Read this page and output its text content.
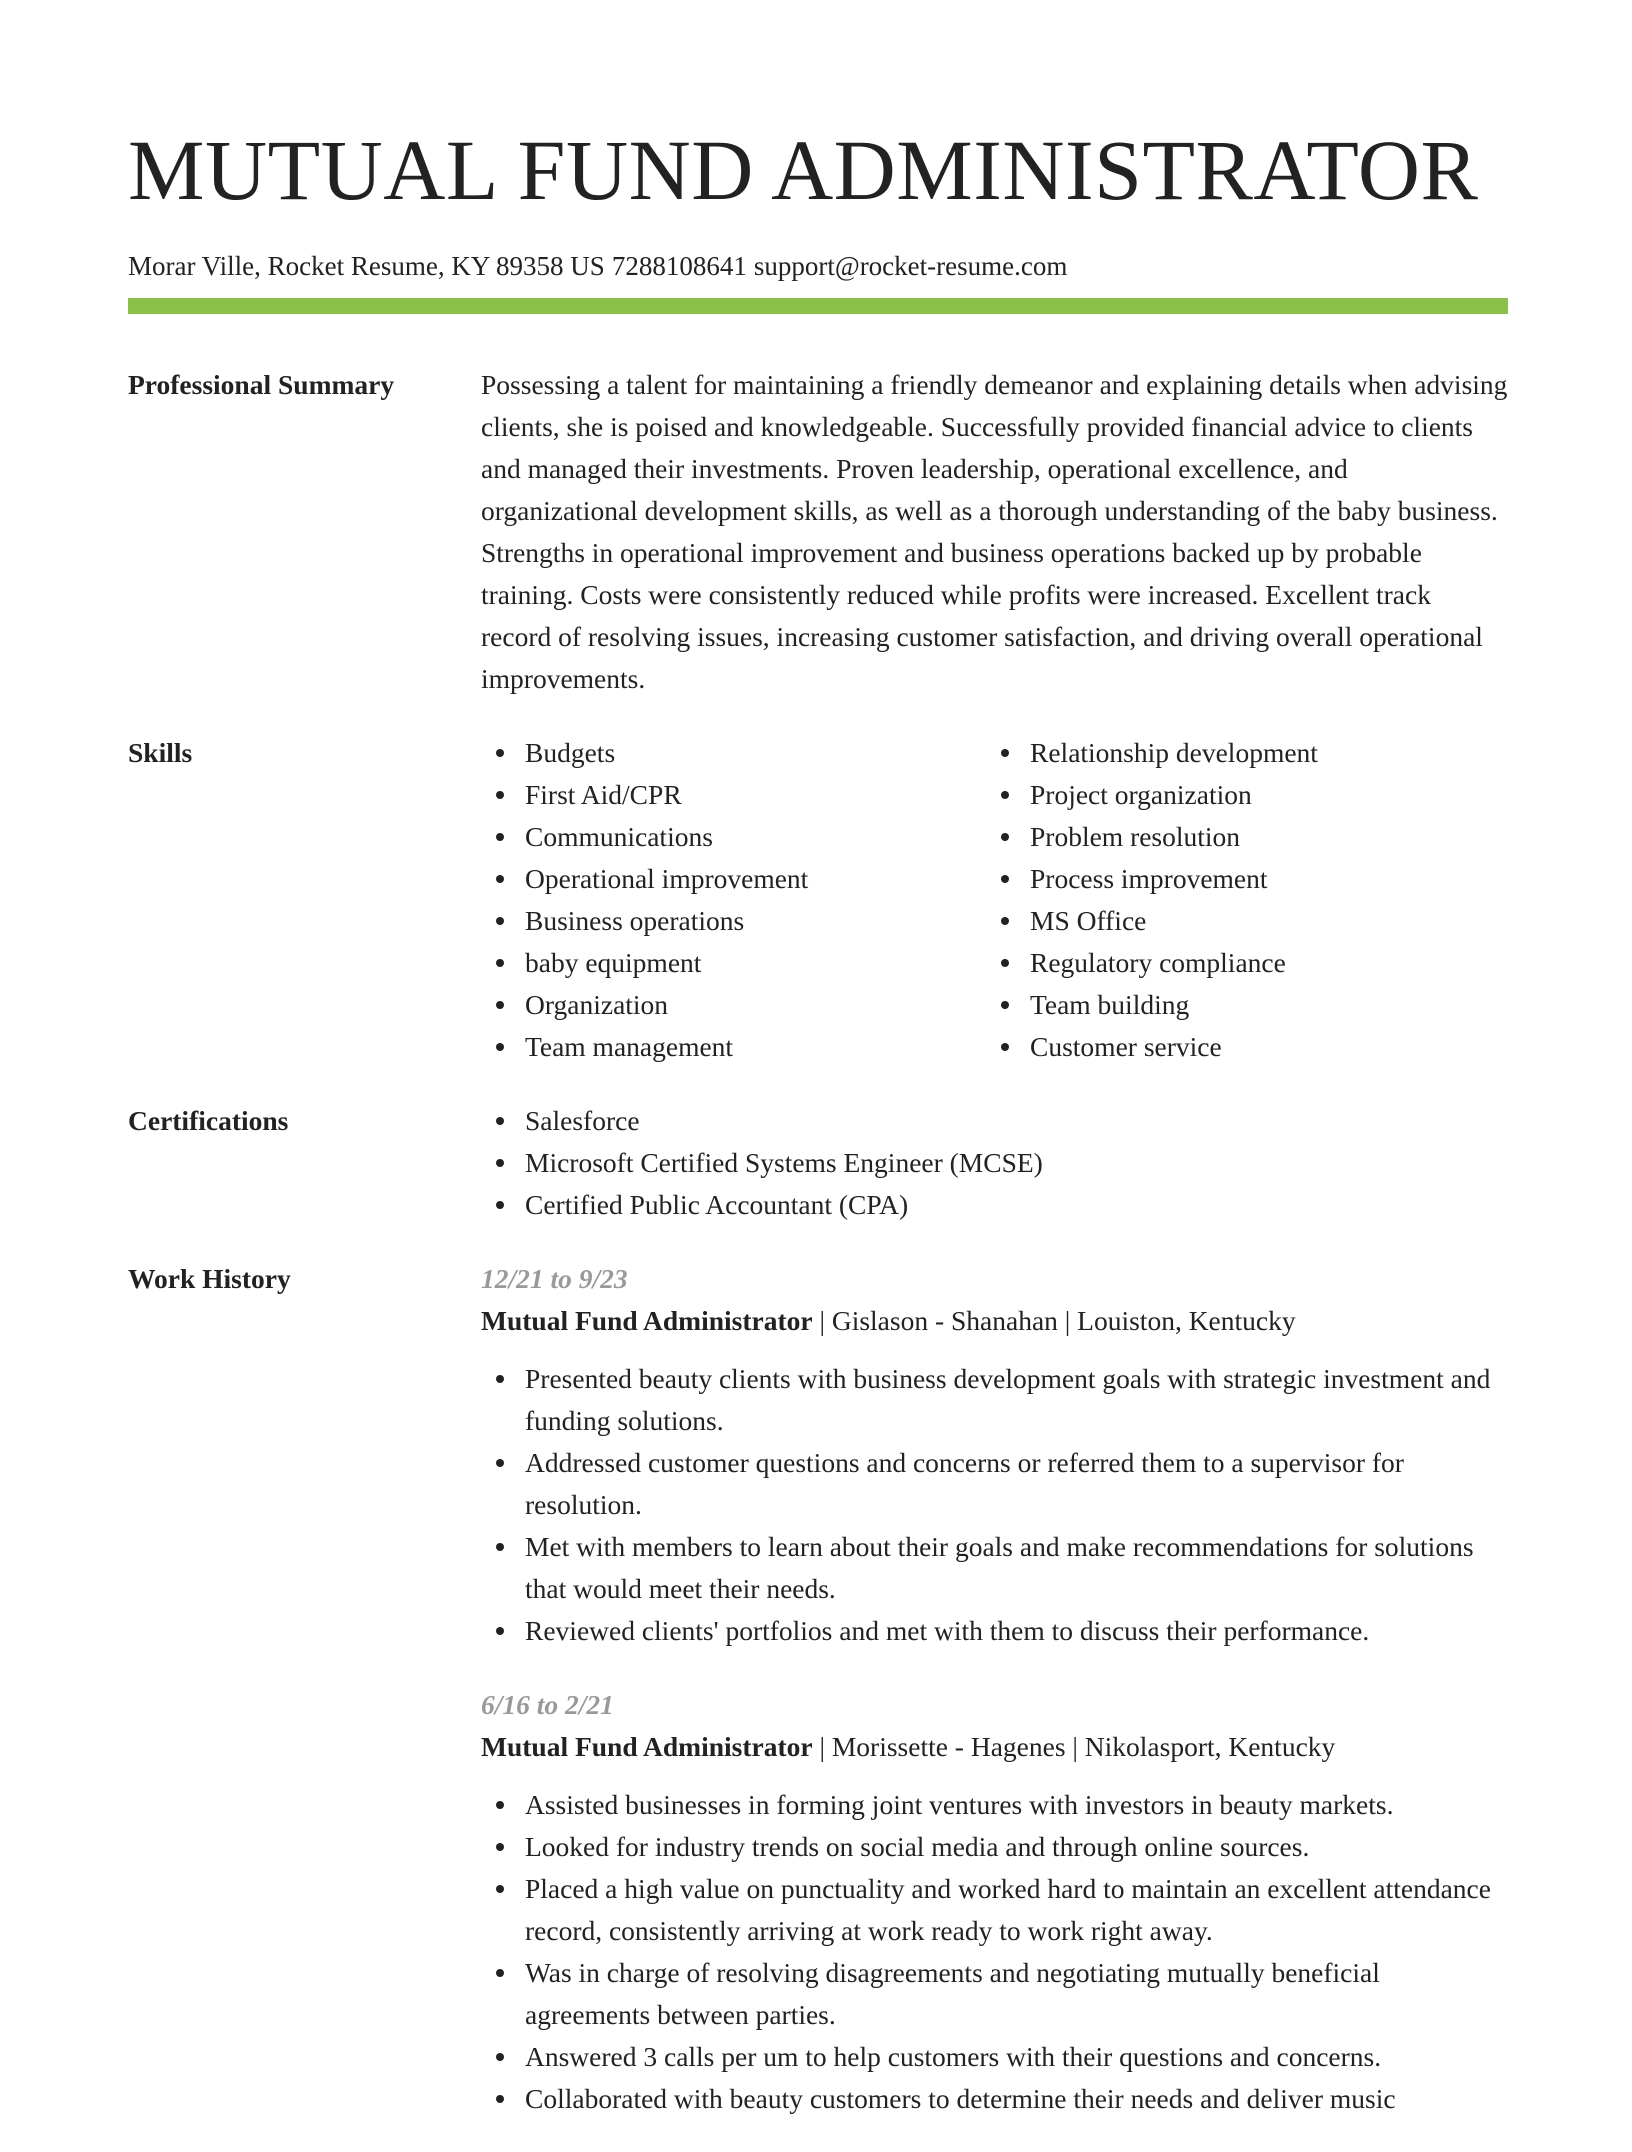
MUTUAL FUND ADMINISTRATOR
Morar Ville, Rocket Resume, KY 89358 US 7288108641 support@rocket-resume.com
Professional Summary	Possessing a talent for maintaining a friendly demeanor and explaining details when advising clients, she is poised and knowledgeable. Successfully provided financial advice to clients and managed their investments. Proven leadership, operational excellence, and organizational development skills, as well as a thorough understanding of the baby business. Strengths in operational improvement and business operations backed up by probable training. Costs were consistently reduced while profits were increased. Excellent track record of resolving issues, increasing customer satisfaction, and driving overall operational improvements.

Skills	Budgets
First Aid/CPR
Communications
Operational improvement
Business operations
baby equipment
Organization
Team management
Relationship development
Project organization
Problem resolution
Process improvement
MS Office
Regulatory compliance
Team building
Customer service
Certifications	Salesforce
Microsoft Certified Systems Engineer (MCSE)
Certified Public Accountant (CPA)
Work History	12/21 to 9/23
Mutual Fund Administrator | Gislason - Shanahan | Louiston, Kentucky
Presented beauty clients with business development goals with strategic investment and funding solutions.
Addressed customer questions and concerns or referred them to a supervisor for resolution.
Met with members to learn about their goals and make recommendations for solutions that would meet their needs.
Reviewed clients' portfolios and met with them to discuss their performance.
6/16 to 2/21
Mutual Fund Administrator | Morissette - Hagenes | Nikolasport, Kentucky
Assisted businesses in forming joint ventures with investors in beauty markets.
Looked for industry trends on social media and through online sources.
Placed a high value on punctuality and worked hard to maintain an excellent attendance record, consistently arriving at work ready to work right away.
Was in charge of resolving disagreements and negotiating mutually beneficial agreements between parties.
Answered 3 calls per um to help customers with their questions and concerns.
Collaborated with beauty customers to determine their needs and deliver music
